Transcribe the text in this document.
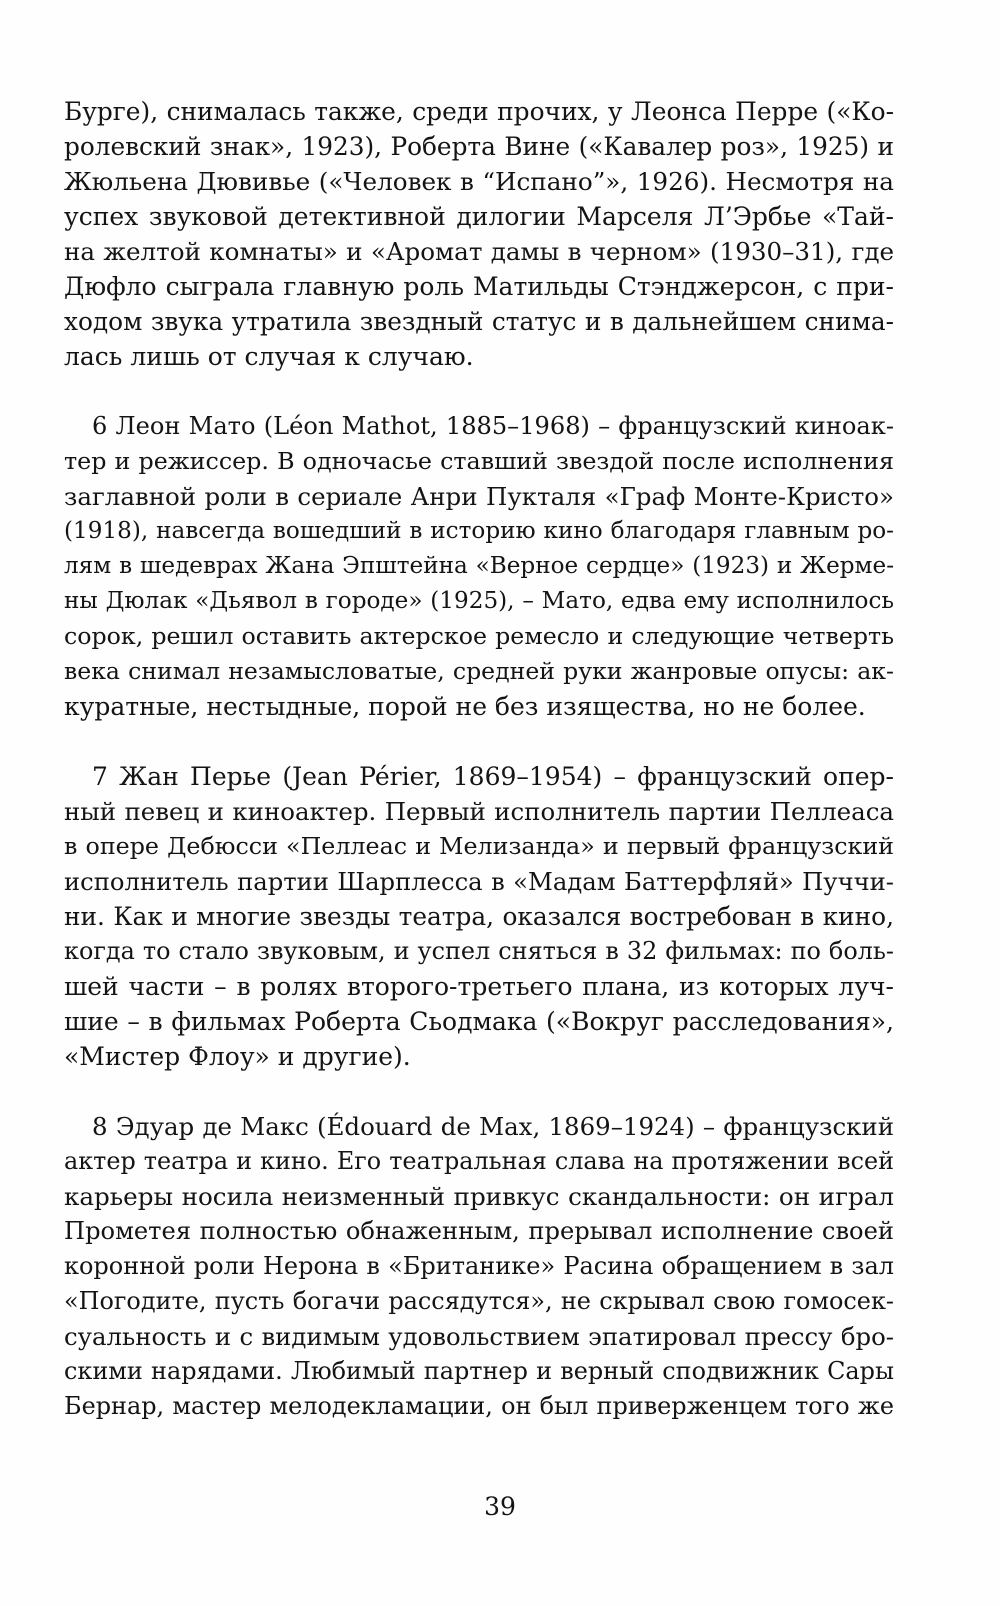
Бурге), снималась также, среди прочих, у Леонса Перре («Ко-
ролевский знак», 1923), Роберта Вине («Кавалер роз», 1925) и
Жюльена Дювивье («Человек в “Испано”», 1926). Несмотря на
успех звуковой детективной дилогии Марселя Л’Эрбье «Тай-
на желтой комнаты» и «Аромат дамы в черном» (1930–31), где
Дюфло сыграла главную роль Матильды Стэнджерсон, с при-
ходом звука утратила звездный статус и в дальнейшем снима-
лась лишь от случая к случаю.
6 Леон Мато (Léon Mathot, 1885–1968) – французский киноак-
тер и режиссер. В одночасье ставший звездой после исполнения
заглавной роли в сериале Анри Пукталя «Граф Монте-Кристо»
(1918), навсегда вошедший в историю кино благодаря главным ро-
лям в шедеврах Жана Эпштейна «Верное сердце» (1923) и Жерме-
ны Дюлак «Дьявол в городе» (1925), – Мато, едва ему исполнилось
сорок, решил оставить актерское ремесло и следующие четверть
века снимал незамысловатые, средней руки жанровые опусы: ак-
куратные, нестыдные, порой не без изящества, но не более.
7 Жан Перье (Jean Périer, 1869–1954) – французский опер-
ный певец и киноактер. Первый исполнитель партии Пеллеаса
в опере Дебюсси «Пеллеас и Мелизанда» и первый французский
исполнитель партии Шарплесса в «Мадам Баттерфляй» Пуччи-
ни. Как и многие звезды театра, оказался востребован в кино,
когда то стало звуковым, и успел сняться в 32 фильмах: по боль-
шей части – в ролях второго-третьего плана, из которых луч-
шие – в фильмах Роберта Сьодмака («Вокруг расследования»,
«Мистер Флоу» и другие).
8 Эдуар де Макс (Édouard de Max, 1869–1924) – французский
актер театра и кино. Его театральная слава на протяжении всей
карьеры носила неизменный привкус скандальности: он играл
Прометея полностью обнаженным, прерывал исполнение своей
коронной роли Нерона в «Британике» Расина обращением в зал
«Погодите, пусть богачи рассядутся», не скрывал свою гомосек-
суальность и с видимым удовольствием эпатировал прессу бро-
скими нарядами. Любимый партнер и верный сподвижник Сары
Бернар, мастер мелодекламации, он был приверженцем того же
39
